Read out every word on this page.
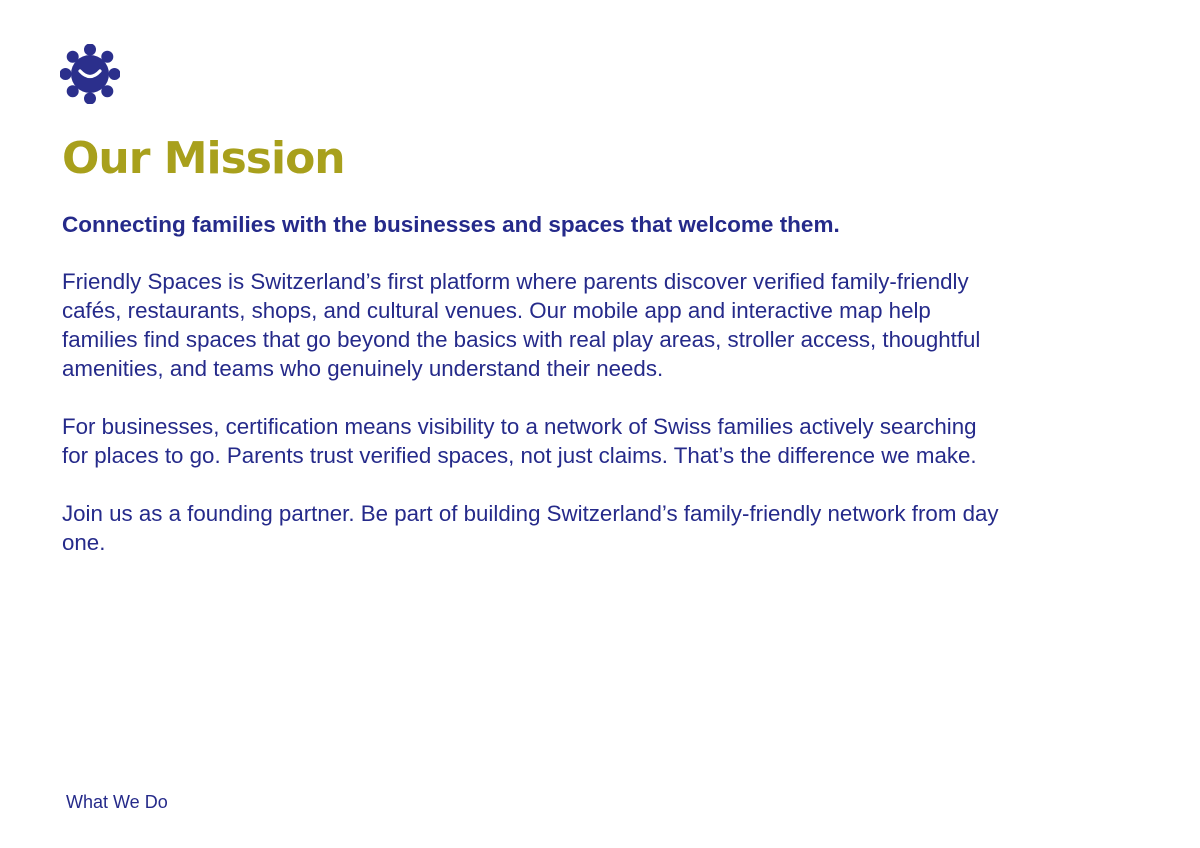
Our Mission

Connecting families with the businesses and spaces that welcome them.

Friendly Spaces is Switzerland’s first platform where parents discover verified family-friendly cafés, restaurants, shops, and cultural venues. Our mobile app and interactive map help families find spaces that go beyond the basics with real play areas, stroller access, thoughtful amenities, and teams who genuinely understand their needs.

For businesses, certification means visibility to a network of Swiss families actively searching for places to go. Parents trust verified spaces, not just claims. That’s the difference we make.

Join us as a founding partner. Be part of building Switzerland’s family-friendly network from day one.

What We Do
